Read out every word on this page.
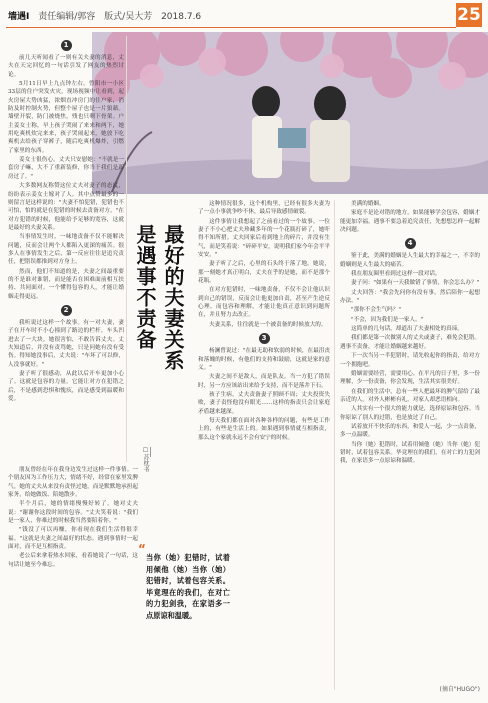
墙遇Ⅰ 责任编辑/郭容 版式/吴大芳 2018.7.6	25
1

前几天听闻看了一则有关夫妻的消息，丈夫在天完回忆的一句话引发了网友的热烈讨论。

5月11日早上九点钟左右，曾阳市一小区33层的住户突发火灾。现场视频中让看到，起火房屋大势凶猛，浓烟直冲房门的住户家，消防及时控制火势，但整个屋子也是一片狼藉。墙壁开裂，防门被烧焦，残也只剩下骨架。户主姜女士称，早上孩子哭闹了来来和两下，她用吃爽机炊完来来，孩子哭闹起来，她放下吃爽机去给孩子穿裤子，随后吃爽机爆炸，引燃了家里的东西。

姜女士很伤心，丈夫只安慰她："不就是一套房子嘛，大不了重新装修，你当于我们是新房过了。"

大多数网友称赞这位丈夫对妻子的态度，纷纷表示姜女士嫁对了人。其中点赞最多的一则留言是这样说的："夫妻不怕犯错，犯错也不可怕，怕的就是在犯错的时候去责备对方。"在对方犯错的时候，他能给予足够的宽容，这就是最好的夫妻关系。

当事情发生时，一味地责备不仅不能解决问题，反而会让两个人都陷入更深的痛苦。很多人在事情发生之后，第一反应往往是追究责任，把错误都推到对方身上。

然而，他们不知道的是，夫妻之间最重要的不是谁对谁错，而是能否在困难面前相互扶持、共同面对。一个懂得包容的人，才能让婚姻走得更远。

2

我听说过这样一个故事。有一对夫妻，妻子在开车时不小心撞到了路边的栏杆，车头凹进去了一大块。她很害怕，不敢告诉丈夫。丈夫知道后，并没有责骂她，只是问她有没有受伤。得知她没事后，丈夫说："车坏了可以修，人没事就好。"

妻子听了很感动，从此以后开车更加小心了。这就是包容的力量。它能让对方在犯错之后，不是感到恐惧和愧疚，而是感受到温暖和爱。

朋友曾经在年在我身边发生过这样一件事情。一个朋友因为工作压力大，情绪不好，经常在家里发脾气。她的丈夫从来没有责怪过她，而是默默地承担起家务，给她做饭、陪她散步。

半个月后，她的情绪慢慢好转了。她对丈夫说："谢谢你这段时间的包容。"丈夫笑着说："我们是一家人，你难过的时候我当然要陪着你。"

"钱没了可以再赚，你看现在我们生活得很幸福。"这就是夫妻之间最好的状态。遇到事情时一起面对，而不是互相指责。

老公后来拿着热水回家，看着她说了一句话，这句话让她至今难忘。

最好的夫妻关系
是遇事不责备
☐苏枕书
“
当你（她）犯错时，试着用倾他（她）当你（她）犯错时，试着包容关系。毕竟理在的我们，在对亡的力犯剑我，在家语多一点原谅和温暖。

这种情况很多，这个机构里，已经有很多夫妻为了一点小事就争吵不休，最后导致感情破裂。

这件事情让我想起了之前看过的一个故事。一位妻子不小心把丈夫珍藏多年的一个花瓶打碎了，她吓得不知所措。丈夫回家后看到地上的碎片，并没有生气，而是笑着说："碎碎平安，说明我们家今年会平平安安。"

妻子听了之后，心里的石头终于落了地。她说，那一刻她才真正明白，丈夫在乎的是她，而不是那个花瓶。

在对方犯错时，一味地责备，不仅不会让他认识到自己的错误，反而会让他更加自责，甚至产生逆反心理。而包容和理解，才能让他真正意识到问题所在，并且努力去改正。

夫妻关系，往往就是一个被责备的时候放大的。

3

杨澜曾说过："在最无助和软弱的时候，在最沮丧和落魄的时候，有他们的支持和鼓励，这就是家的意义。"

夫妻之间不是敌人，而是队友。当一方犯了错误时，另一方应该站出来给予支持，而不是落井下石。

孩子生病，丈夫责备妻子照顾不周；丈夫投资失败，妻子责怪他没有眼光……这样的指责只会让家庭矛盾越来越深。

每天我们都在面对各种各样的问题，有些是工作上的，有些是生活上的。如果遇到事情就互相指责，那么这个家就永远不会有安宁的时候。

美满的婚姻。

家庭不是论对错的地方，如果能够学会包容，婚姻才能更加幸福。遇事不要急着追究责任，先想想怎样一起解决问题。

4

鉴于此，美满的婚姻是人生最大的幸福之一，不幸的婚姻则是人生最大的痛苦。

我在朋友圈里看到过这样一段对话。

妻子问："如果有一天我做错了事情，你会怎么办？"

丈夫回答："我会先问你有没有事，然后陪你一起想办法。"

"那你不会生气吗？"

"不会，因为我们是一家人。"

这简单的几句话，却道出了夫妻相处的真谛。

我们都是第一次做别人的丈夫或妻子，难免会犯错。遇事不责备，才能让婚姻越来越好。

下一次当另一半犯错时，请先收起你的指责，给对方一个拥抱吧。

婚姻需要经营，需要用心。在平凡的日子里，多一份理解，少一份责备，你会发现，生活其实很美好。

在我们的生活中，总有一些人把最坏的脾气留给了最亲近的人。对外人彬彬有礼，对家人却恶语相向。

人其实有一个很大的能力就是，选择原谅和包容。当你原谅了别人的过错，也是放过了自己。

试着放开不快乐的东西，和爱人一起，少一点责备，多一点温暖。

当你（她）犯错时，试着用倾他（她）当你（她）犯错时，试着包容关系。毕竟理在的我们，在对亡的力犯剑我，在家语多一点原谅和温暖。

(摘自"HUGO")
